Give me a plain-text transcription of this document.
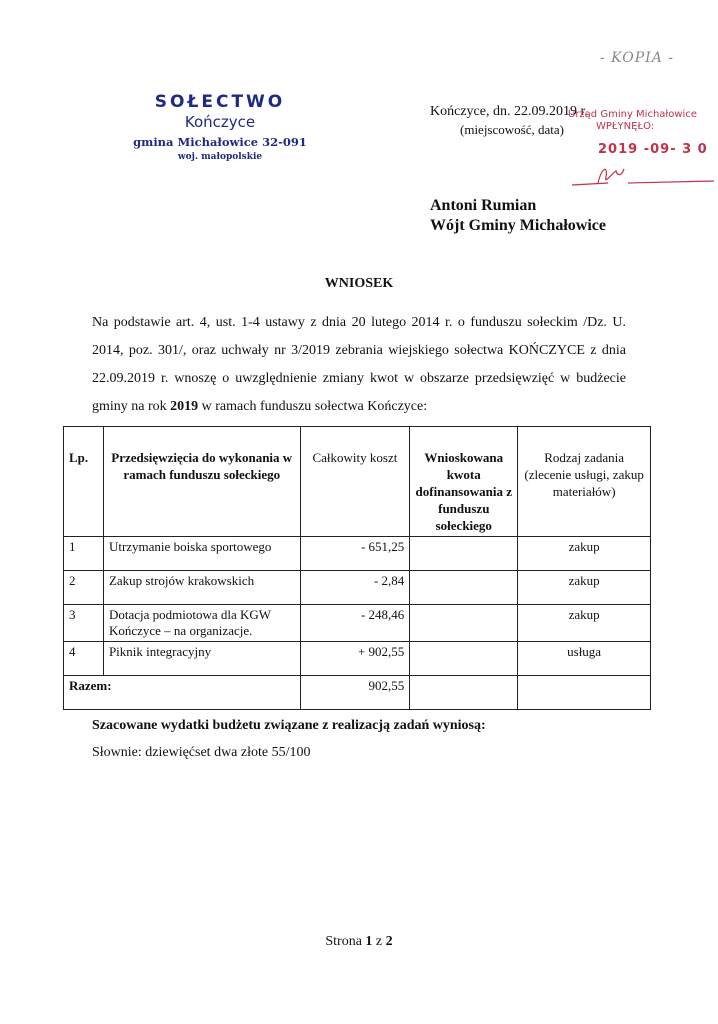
- KOPIA -
SOŁECTWO
Kończyce
gmina Michałowice 32-091
woj. małopolskie
Kończyce, dn. 22.09.2019 r.
(miejscowość, data)
Urząd Gminy Michałowice
WPŁYNĘŁO:
2019 -09- 3 0
Antoni Rumian
Wójt Gminy Michałowice
WNIOSEK
Na podstawie art. 4, ust. 1-4 ustawy z dnia 20 lutego 2014 r. o funduszu sołeckim /Dz. U. 2014, poz. 301/, oraz uchwały nr 3/2019 zebrania wiejskiego sołectwa KOŃCZYCE z dnia 22.09.2019 r. wnoszę o uwzględnienie zmiany kwot w obszarze przedsięwzięć w budżecie gminy na rok 2019 w ramach funduszu sołectwa Kończyce:
Lp.	Przedsięwzięcia do wykonania w ramach funduszu sołeckiego	Całkowity koszt	Wnioskowana kwota dofinansowania z funduszu sołeckiego	Rodzaj zadania (zlecenie usługi, zakup materiałów)
1	Utrzymanie boiska sportowego	- 651,25		zakup
2	Zakup strojów krakowskich	- 2,84		zakup
3	Dotacja podmiotowa dla KGW Kończyce – na organizacje.	- 248,46		zakup
4	Piknik integracyjny	+ 902,55		usługa
Razem:		902,55		
Szacowane wydatki budżetu związane z realizacją zadań wyniosą:
Słownie: dziewięćset dwa złote 55/100
Strona 1 z 2
